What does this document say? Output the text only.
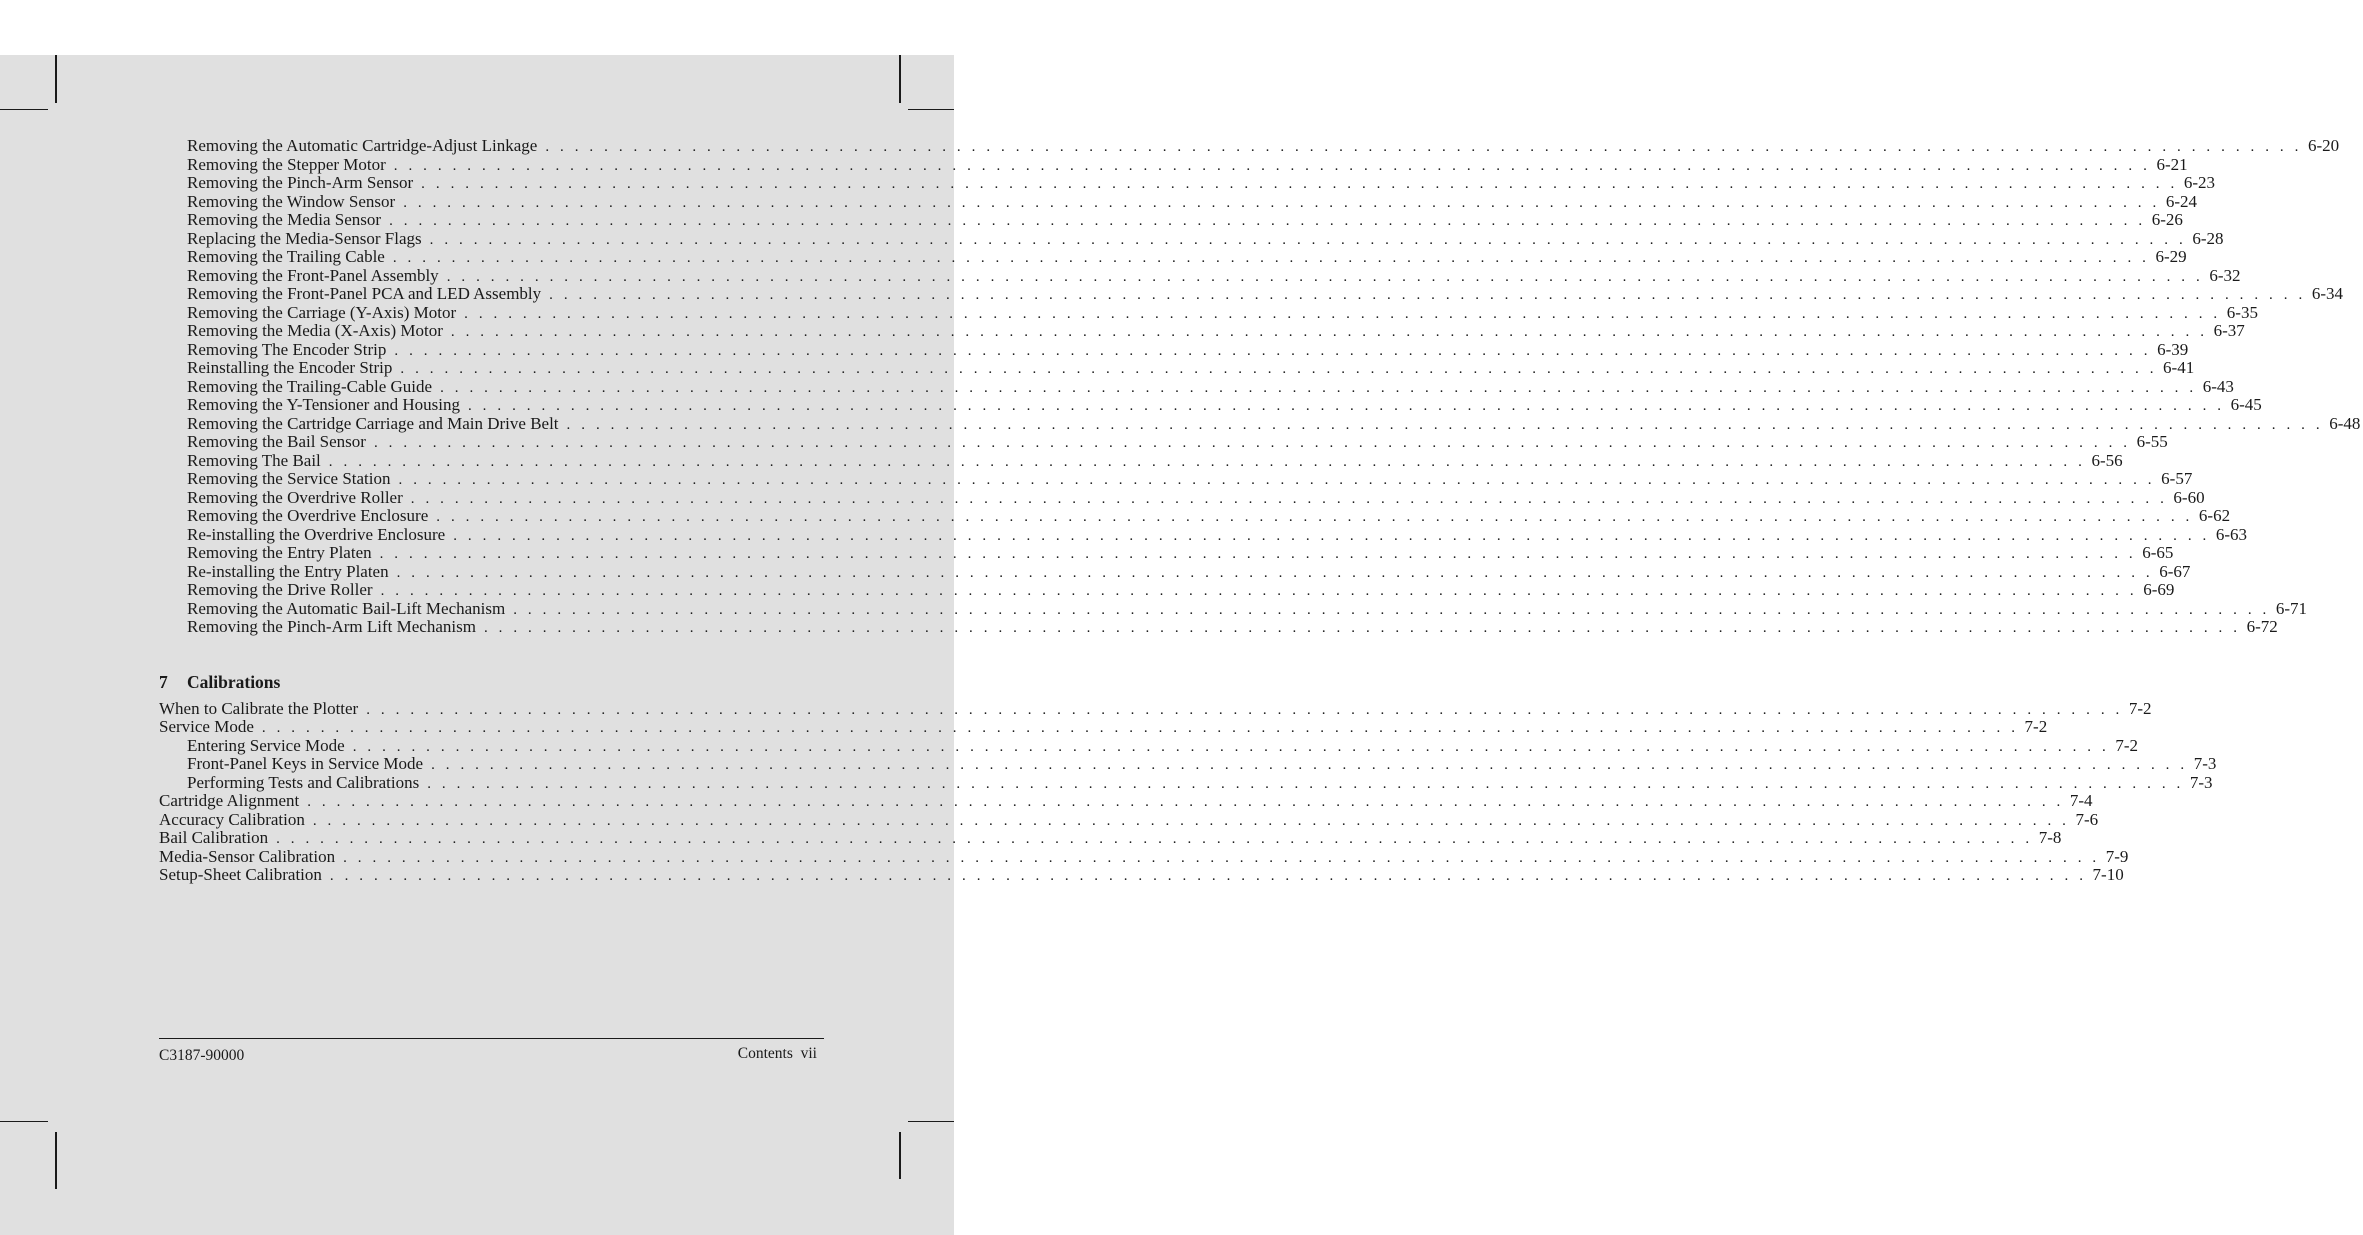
Removing the Automatic Cartridge-Adjust Linkage . . . . . . . . . . . . . . . . . . . . . . . . . . . . . . . . . . . . . . . . . . . . . . . . . . . . . . . . . . . . . . . . . . . . . . . . . . . . . . . . . . . . . . . . . . . . . . . . . . . . . . . . . . . . . . . . . . . . . . . . 6-20
Removing the Stepper Motor . . . . . . . . . . . . . . . . . . . . . . . . . . . . . . . . . . . . . . . . . . . . . . . . . . . . . . . . . . . . . . . . . . . . . . . . . . . . . . . . . . . . . . . . . . . . . . . . . . . . . . . . . . . . . . . . . . . . . . . . 6-21
Removing the Pinch-Arm Sensor . . . . . . . . . . . . . . . . . . . . . . . . . . . . . . . . . . . . . . . . . . . . . . . . . . . . . . . . . . . . . . . . . . . . . . . . . . . . . . . . . . . . . . . . . . . . . . . . . . . . . . . . . . . . . . . . . . . . . . . . 6-23
Removing the Window Sensor . . . . . . . . . . . . . . . . . . . . . . . . . . . . . . . . . . . . . . . . . . . . . . . . . . . . . . . . . . . . . . . . . . . . . . . . . . . . . . . . . . . . . . . . . . . . . . . . . . . . . . . . . . . . . . . . . . . . . . . . 6-24
Removing the Media Sensor . . . . . . . . . . . . . . . . . . . . . . . . . . . . . . . . . . . . . . . . . . . . . . . . . . . . . . . . . . . . . . . . . . . . . . . . . . . . . . . . . . . . . . . . . . . . . . . . . . . . . . . . . . . . . . . . . . . . . . . . 6-26
Replacing the Media-Sensor Flags . . . . . . . . . . . . . . . . . . . . . . . . . . . . . . . . . . . . . . . . . . . . . . . . . . . . . . . . . . . . . . . . . . . . . . . . . . . . . . . . . . . . . . . . . . . . . . . . . . . . . . . . . . . . . . . . . . . . . . . . 6-28
Removing the Trailing Cable . . . . . . . . . . . . . . . . . . . . . . . . . . . . . . . . . . . . . . . . . . . . . . . . . . . . . . . . . . . . . . . . . . . . . . . . . . . . . . . . . . . . . . . . . . . . . . . . . . . . . . . . . . . . . . . . . . . . . . . . 6-29
Removing the Front-Panel Assembly . . . . . . . . . . . . . . . . . . . . . . . . . . . . . . . . . . . . . . . . . . . . . . . . . . . . . . . . . . . . . . . . . . . . . . . . . . . . . . . . . . . . . . . . . . . . . . . . . . . . . . . . . . . . . . . . . . . . . . . . 6-32
Removing the Front-Panel PCA and LED Assembly . . . . . . . . . . . . . . . . . . . . . . . . . . . . . . . . . . . . . . . . . . . . . . . . . . . . . . . . . . . . . . . . . . . . . . . . . . . . . . . . . . . . . . . . . . . . . . . . . . . . . . . . . . . . . . . . . . . . . . . . 6-34
Removing the Carriage (Y-Axis) Motor . . . . . . . . . . . . . . . . . . . . . . . . . . . . . . . . . . . . . . . . . . . . . . . . . . . . . . . . . . . . . . . . . . . . . . . . . . . . . . . . . . . . . . . . . . . . . . . . . . . . . . . . . . . . . . . . . . . . . . . . 6-35
Removing the Media (X-Axis) Motor . . . . . . . . . . . . . . . . . . . . . . . . . . . . . . . . . . . . . . . . . . . . . . . . . . . . . . . . . . . . . . . . . . . . . . . . . . . . . . . . . . . . . . . . . . . . . . . . . . . . . . . . . . . . . . . . . . . . . . . . 6-37
Removing The Encoder Strip . . . . . . . . . . . . . . . . . . . . . . . . . . . . . . . . . . . . . . . . . . . . . . . . . . . . . . . . . . . . . . . . . . . . . . . . . . . . . . . . . . . . . . . . . . . . . . . . . . . . . . . . . . . . . . . . . . . . . . . . 6-39
Reinstalling the Encoder Strip . . . . . . . . . . . . . . . . . . . . . . . . . . . . . . . . . . . . . . . . . . . . . . . . . . . . . . . . . . . . . . . . . . . . . . . . . . . . . . . . . . . . . . . . . . . . . . . . . . . . . . . . . . . . . . . . . . . . . . . . 6-41
Removing the Trailing-Cable Guide . . . . . . . . . . . . . . . . . . . . . . . . . . . . . . . . . . . . . . . . . . . . . . . . . . . . . . . . . . . . . . . . . . . . . . . . . . . . . . . . . . . . . . . . . . . . . . . . . . . . . . . . . . . . . . . . . . . . . . . . 6-43
Removing the Y-Tensioner and Housing . . . . . . . . . . . . . . . . . . . . . . . . . . . . . . . . . . . . . . . . . . . . . . . . . . . . . . . . . . . . . . . . . . . . . . . . . . . . . . . . . . . . . . . . . . . . . . . . . . . . . . . . . . . . . . . . . . . . . . . . 6-45
Removing the Cartridge Carriage and Main Drive Belt . . . . . . . . . . . . . . . . . . . . . . . . . . . . . . . . . . . . . . . . . . . . . . . . . . . . . . . . . . . . . . . . . . . . . . . . . . . . . . . . . . . . . . . . . . . . . . . . . . . . . . . . . . . . . . . . . . . . . . . . 6-48
Removing the Bail Sensor . . . . . . . . . . . . . . . . . . . . . . . . . . . . . . . . . . . . . . . . . . . . . . . . . . . . . . . . . . . . . . . . . . . . . . . . . . . . . . . . . . . . . . . . . . . . . . . . . . . . . . . . . . . . . . . . . . . . . . . . 6-55
Removing The Bail . . . . . . . . . . . . . . . . . . . . . . . . . . . . . . . . . . . . . . . . . . . . . . . . . . . . . . . . . . . . . . . . . . . . . . . . . . . . . . . . . . . . . . . . . . . . . . . . . . . . . . . . . . . . . . . . . . . . . . . . 6-56
Removing the Service Station . . . . . . . . . . . . . . . . . . . . . . . . . . . . . . . . . . . . . . . . . . . . . . . . . . . . . . . . . . . . . . . . . . . . . . . . . . . . . . . . . . . . . . . . . . . . . . . . . . . . . . . . . . . . . . . . . . . . . . . . 6-57
Removing the Overdrive Roller . . . . . . . . . . . . . . . . . . . . . . . . . . . . . . . . . . . . . . . . . . . . . . . . . . . . . . . . . . . . . . . . . . . . . . . . . . . . . . . . . . . . . . . . . . . . . . . . . . . . . . . . . . . . . . . . . . . . . . . . 6-60
Removing the Overdrive Enclosure . . . . . . . . . . . . . . . . . . . . . . . . . . . . . . . . . . . . . . . . . . . . . . . . . . . . . . . . . . . . . . . . . . . . . . . . . . . . . . . . . . . . . . . . . . . . . . . . . . . . . . . . . . . . . . . . . . . . . . . . 6-62
Re-installing the Overdrive Enclosure . . . . . . . . . . . . . . . . . . . . . . . . . . . . . . . . . . . . . . . . . . . . . . . . . . . . . . . . . . . . . . . . . . . . . . . . . . . . . . . . . . . . . . . . . . . . . . . . . . . . . . . . . . . . . . . . . . . . . . . . 6-63
Removing the Entry Platen . . . . . . . . . . . . . . . . . . . . . . . . . . . . . . . . . . . . . . . . . . . . . . . . . . . . . . . . . . . . . . . . . . . . . . . . . . . . . . . . . . . . . . . . . . . . . . . . . . . . . . . . . . . . . . . . . . . . . . . . 6-65
Re-installing the Entry Platen . . . . . . . . . . . . . . . . . . . . . . . . . . . . . . . . . . . . . . . . . . . . . . . . . . . . . . . . . . . . . . . . . . . . . . . . . . . . . . . . . . . . . . . . . . . . . . . . . . . . . . . . . . . . . . . . . . . . . . . . 6-67
Removing the Drive Roller . . . . . . . . . . . . . . . . . . . . . . . . . . . . . . . . . . . . . . . . . . . . . . . . . . . . . . . . . . . . . . . . . . . . . . . . . . . . . . . . . . . . . . . . . . . . . . . . . . . . . . . . . . . . . . . . . . . . . . . . 6-69
Removing the Automatic Bail-Lift Mechanism . . . . . . . . . . . . . . . . . . . . . . . . . . . . . . . . . . . . . . . . . . . . . . . . . . . . . . . . . . . . . . . . . . . . . . . . . . . . . . . . . . . . . . . . . . . . . . . . . . . . . . . . . . . . . . . . . . . . . . . . 6-71
Removing the Pinch-Arm Lift Mechanism . . . . . . . . . . . . . . . . . . . . . . . . . . . . . . . . . . . . . . . . . . . . . . . . . . . . . . . . . . . . . . . . . . . . . . . . . . . . . . . . . . . . . . . . . . . . . . . . . . . . . . . . . . . . . . . . . . . . . . . . 6-72
7 Calibrations
When to Calibrate the Plotter . . . . . . . . . . . . . . . . . . . . . . . . . . . . . . . . . . . . . . . . . . . . . . . . . . . . . . . . . . . . . . . . . . . . . . . . . . . . . . . . . . . . . . . . . . . . . . . . . . . . . . . . . . . . . . . . . . . . . . . . 7-2
Service Mode . . . . . . . . . . . . . . . . . . . . . . . . . . . . . . . . . . . . . . . . . . . . . . . . . . . . . . . . . . . . . . . . . . . . . . . . . . . . . . . . . . . . . . . . . . . . . . . . . . . . . . . . . . . . . . . . . . . . . . . . 7-2
Entering Service Mode . . . . . . . . . . . . . . . . . . . . . . . . . . . . . . . . . . . . . . . . . . . . . . . . . . . . . . . . . . . . . . . . . . . . . . . . . . . . . . . . . . . . . . . . . . . . . . . . . . . . . . . . . . . . . . . . . . . . . . . . 7-2
Front-Panel Keys in Service Mode . . . . . . . . . . . . . . . . . . . . . . . . . . . . . . . . . . . . . . . . . . . . . . . . . . . . . . . . . . . . . . . . . . . . . . . . . . . . . . . . . . . . . . . . . . . . . . . . . . . . . . . . . . . . . . . . . . . . . . . . 7-3
Performing Tests and Calibrations . . . . . . . . . . . . . . . . . . . . . . . . . . . . . . . . . . . . . . . . . . . . . . . . . . . . . . . . . . . . . . . . . . . . . . . . . . . . . . . . . . . . . . . . . . . . . . . . . . . . . . . . . . . . . . . . . . . . . . . . 7-3
Cartridge Alignment . . . . . . . . . . . . . . . . . . . . . . . . . . . . . . . . . . . . . . . . . . . . . . . . . . . . . . . . . . . . . . . . . . . . . . . . . . . . . . . . . . . . . . . . . . . . . . . . . . . . . . . . . . . . . . . . . . . . . . . . 7-4
Accuracy Calibration . . . . . . . . . . . . . . . . . . . . . . . . . . . . . . . . . . . . . . . . . . . . . . . . . . . . . . . . . . . . . . . . . . . . . . . . . . . . . . . . . . . . . . . . . . . . . . . . . . . . . . . . . . . . . . . . . . . . . . . . 7-6
Bail Calibration . . . . . . . . . . . . . . . . . . . . . . . . . . . . . . . . . . . . . . . . . . . . . . . . . . . . . . . . . . . . . . . . . . . . . . . . . . . . . . . . . . . . . . . . . . . . . . . . . . . . . . . . . . . . . . . . . . . . . . . . 7-8
Media-Sensor Calibration . . . . . . . . . . . . . . . . . . . . . . . . . . . . . . . . . . . . . . . . . . . . . . . . . . . . . . . . . . . . . . . . . . . . . . . . . . . . . . . . . . . . . . . . . . . . . . . . . . . . . . . . . . . . . . . . . . . . . . . . 7-9
Setup-Sheet Calibration . . . . . . . . . . . . . . . . . . . . . . . . . . . . . . . . . . . . . . . . . . . . . . . . . . . . . . . . . . . . . . . . . . . . . . . . . . . . . . . . . . . . . . . . . . . . . . . . . . . . . . . . . . . . . . . . . . . . . . . . 7-10
C3187-90000	Contents vii
